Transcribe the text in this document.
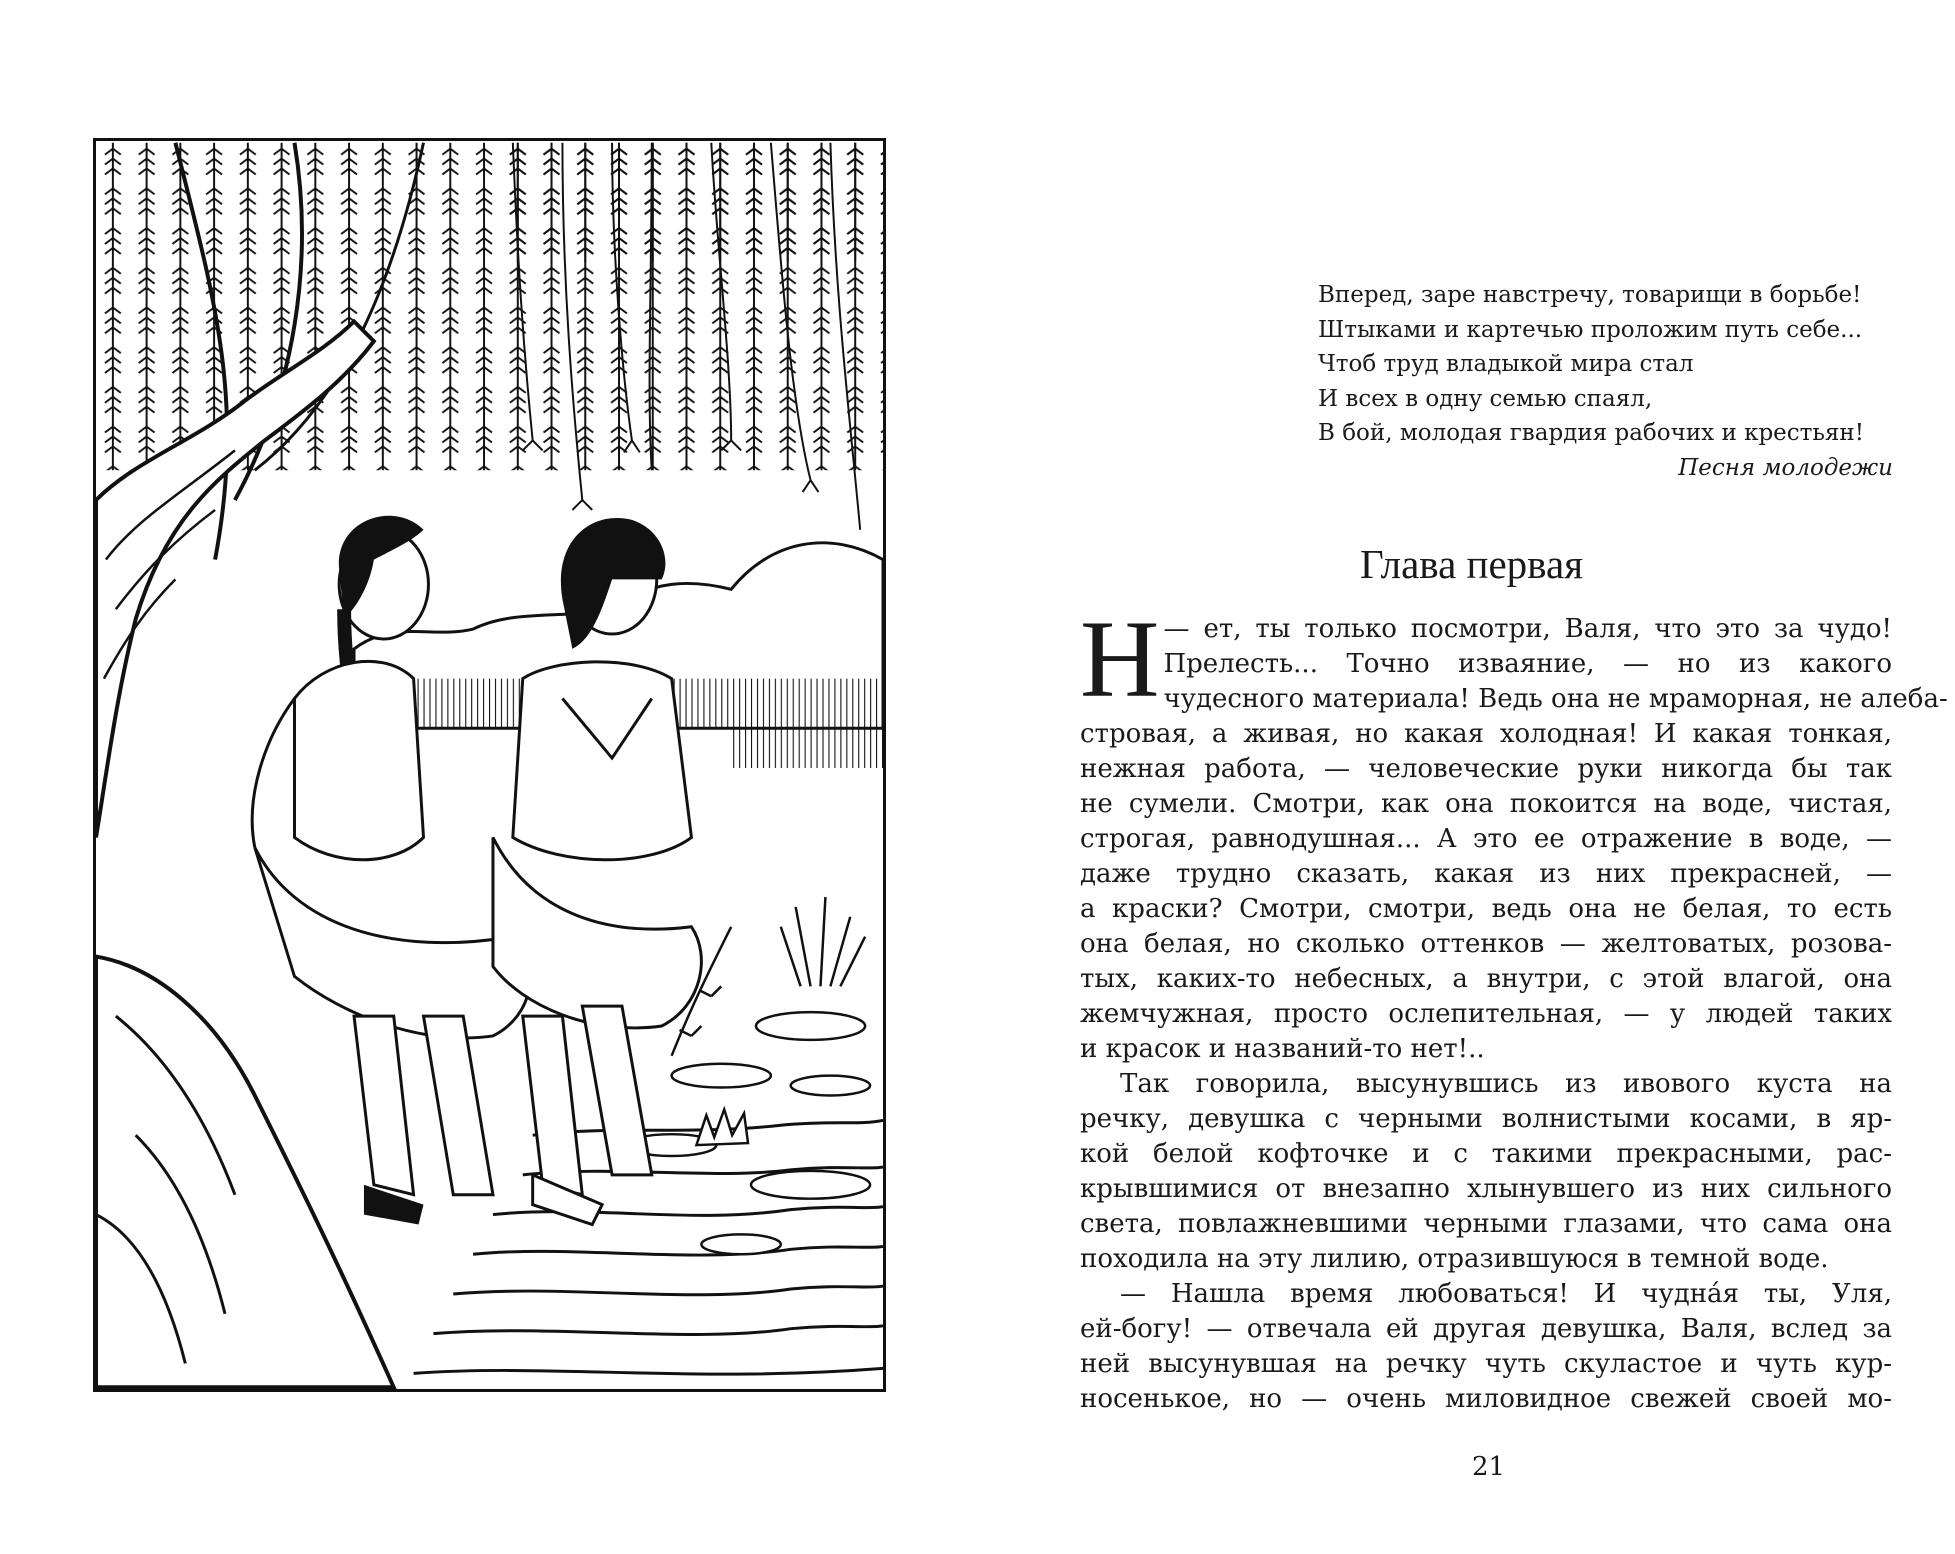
Вперед, заре навстречу, товарищи в борьбе!
Штыками и картечью проложим путь себе...
Чтоб труд владыкой мира стал
И всех в одну семью спаял,
В бой, молодая гвардия рабочих и крестьян!
Песня молодежи
Глава первая
—
Н ет, ты только посмотри, Валя, что это за чудо!
Прелесть... Точно изваяние, — но из какого
чудесного материала! Ведь она не мраморная, не алеба-
стровая, а живая, но какая холодная! И какая тонкая,
нежная работа, — человеческие руки никогда бы так
не сумели. Смотри, как она покоится на воде, чистая,
строгая, равнодушная... А это ее отражение в воде, —
даже трудно сказать, какая из них прекрасней, —
а краски? Смотри, смотри, ведь она не белая, то есть
она белая, но сколько оттенков — желтоватых, розова-
тых, каких-то небесных, а внутри, с этой влагой, она
жемчужная, просто ослепительная, — у людей таких
и красок и названий-то нет!..
Так говорила, высунувшись из ивового куста на
речку, девушка с черными волнистыми косами, в яр-
кой белой кофточке и с такими прекрасными, рас-
крывшимися от внезапно хлынувшего из них сильного
света, повлажневшими черными глазами, что сама она
походила на эту лилию, отразившуюся в темной воде.
— Нашла время любоваться! И чудна́я ты, Уля,
ей-богу! — отвечала ей другая девушка, Валя, вслед за
ней высунувшая на речку чуть скуластое и чуть кур-
носенькое, но — очень миловидное свежей своей мо-
21
